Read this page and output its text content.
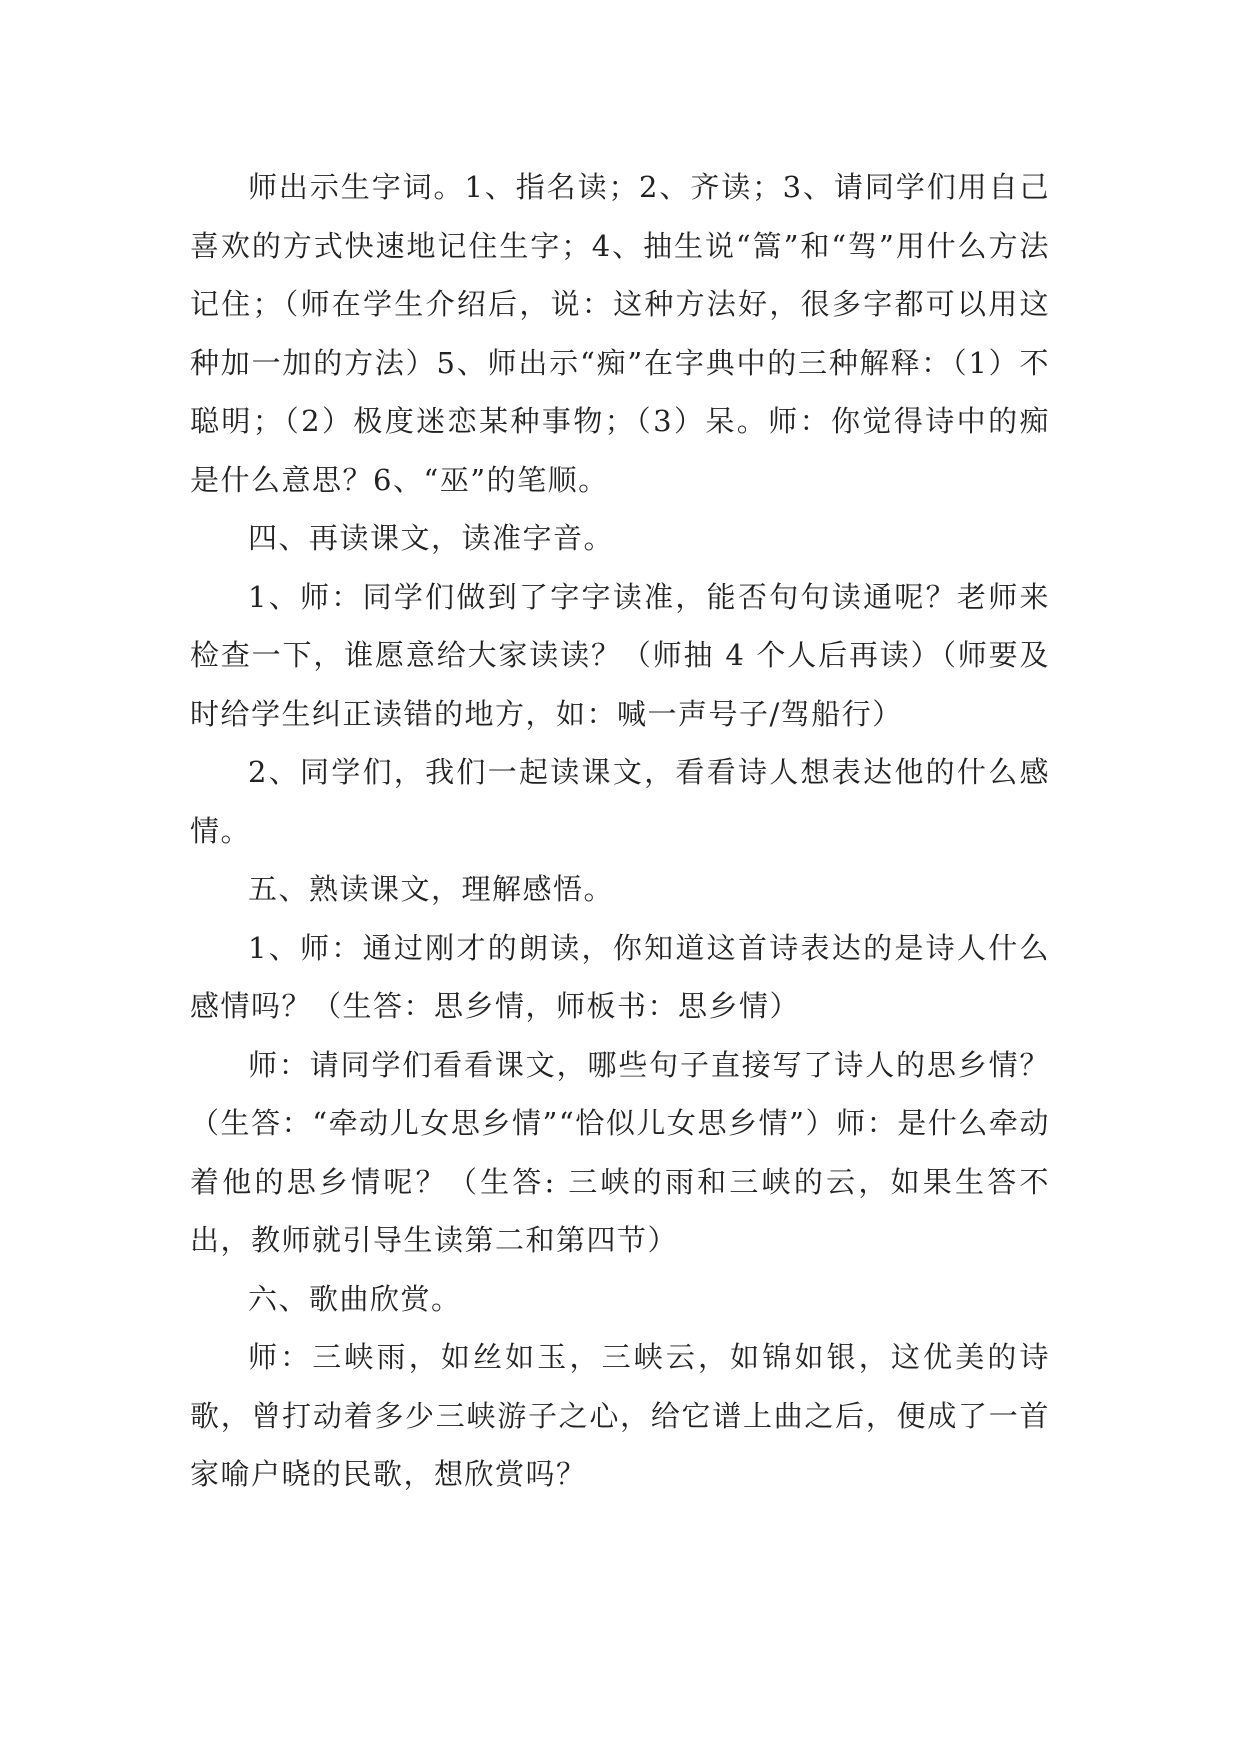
师出示生字词。1、指名读；2、齐读；3、请同学们用自己喜欢的方式快速地记住生字；4、抽生说“篙”和“驾”用什么方法记住；（师在学生介绍后，说：这种方法好，很多字都可以用这种加一加的方法）5、师出示“痴”在字典中的三种解释：（1）不聪明；（2）极度迷恋某种事物；（3）呆。师：你觉得诗中的痴是什么意思？6、“巫”的笔顺。

四、再读课文，读准字音。

1、师：同学们做到了字字读准，能否句句读通呢？老师来检查一下，谁愿意给大家读读？（师抽 4 个人后再读）（师要及时给学生纠正读错的地方，如：喊一声号子/驾船行）

2、同学们，我们一起读课文，看看诗人想表达他的什么感情。

五、熟读课文，理解感悟。

1、师：通过刚才的朗读，你知道这首诗表达的是诗人什么感情吗？（生答：思乡情，师板书：思乡情）

师：请同学们看看课文，哪些句子直接写了诗人的思乡情？（生答：“牵动儿女思乡情”“恰似儿女思乡情”）师：是什么牵动着他的思乡情呢？（生答: 三峡的雨和三峡的云，如果生答不出，教师就引导生读第二和第四节）

六、歌曲欣赏。

师：三峡雨，如丝如玉，三峡云，如锦如银，这优美的诗歌，曾打动着多少三峡游子之心，给它谱上曲之后，便成了一首家喻户晓的民歌，想欣赏吗？
